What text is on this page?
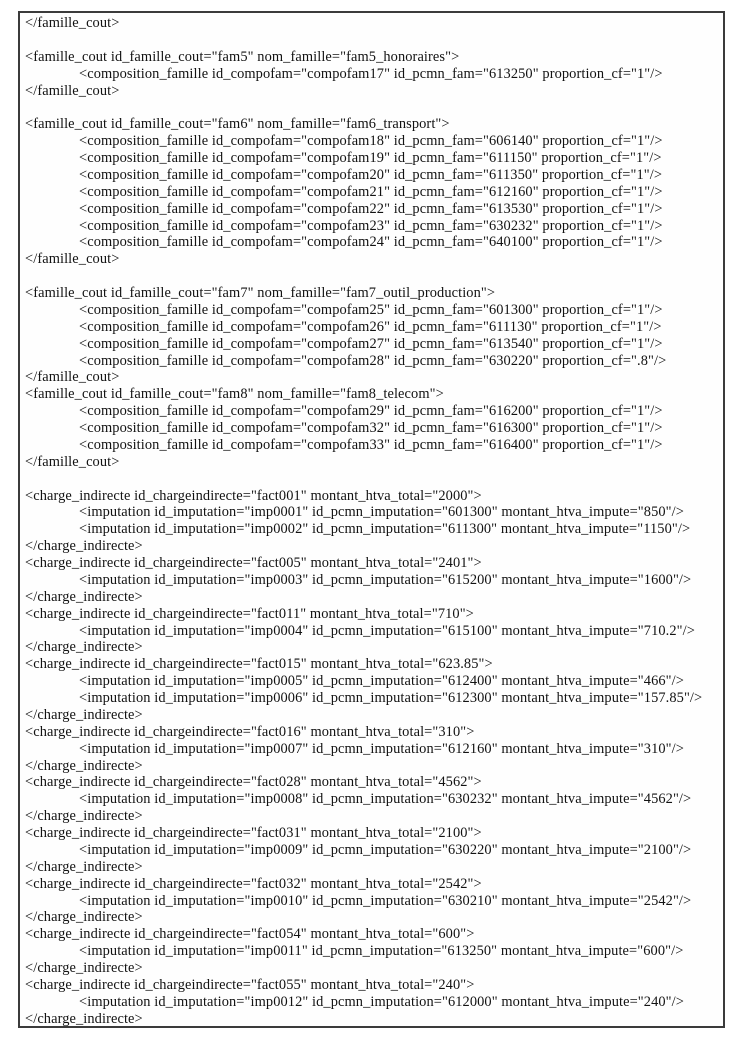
</famille_cout>

<famille_cout id_famille_cout="fam5" nom_famille="fam5_honoraires">
<composition_famille id_compofam="compofam17" id_pcmn_fam="613250" proportion_cf="1"/>
</famille_cout>

<famille_cout id_famille_cout="fam6" nom_famille="fam6_transport">
<composition_famille id_compofam="compofam18" id_pcmn_fam="606140" proportion_cf="1"/>
<composition_famille id_compofam="compofam19" id_pcmn_fam="611150" proportion_cf="1"/>
<composition_famille id_compofam="compofam20" id_pcmn_fam="611350" proportion_cf="1"/>
<composition_famille id_compofam="compofam21" id_pcmn_fam="612160" proportion_cf="1"/>
<composition_famille id_compofam="compofam22" id_pcmn_fam="613530" proportion_cf="1"/>
<composition_famille id_compofam="compofam23" id_pcmn_fam="630232" proportion_cf="1"/>
<composition_famille id_compofam="compofam24" id_pcmn_fam="640100" proportion_cf="1"/>
</famille_cout>

<famille_cout id_famille_cout="fam7" nom_famille="fam7_outil_production">
<composition_famille id_compofam="compofam25" id_pcmn_fam="601300" proportion_cf="1"/>
<composition_famille id_compofam="compofam26" id_pcmn_fam="611130" proportion_cf="1"/>
<composition_famille id_compofam="compofam27" id_pcmn_fam="613540" proportion_cf="1"/>
<composition_famille id_compofam="compofam28" id_pcmn_fam="630220" proportion_cf=".8"/>
</famille_cout>
<famille_cout id_famille_cout="fam8" nom_famille="fam8_telecom">
<composition_famille id_compofam="compofam29" id_pcmn_fam="616200" proportion_cf="1"/>
<composition_famille id_compofam="compofam32" id_pcmn_fam="616300" proportion_cf="1"/>
<composition_famille id_compofam="compofam33" id_pcmn_fam="616400" proportion_cf="1"/>
</famille_cout>

<charge_indirecte id_chargeindirecte="fact001" montant_htva_total="2000">
<imputation id_imputation="imp0001" id_pcmn_imputation="601300" montant_htva_impute="850"/>
<imputation id_imputation="imp0002" id_pcmn_imputation="611300" montant_htva_impute="1150"/>
</charge_indirecte>
<charge_indirecte id_chargeindirecte="fact005" montant_htva_total="2401">
<imputation id_imputation="imp0003" id_pcmn_imputation="615200" montant_htva_impute="1600"/>
</charge_indirecte>
<charge_indirecte id_chargeindirecte="fact011" montant_htva_total="710">
<imputation id_imputation="imp0004" id_pcmn_imputation="615100" montant_htva_impute="710.2"/>
</charge_indirecte>
<charge_indirecte id_chargeindirecte="fact015" montant_htva_total="623.85">
<imputation id_imputation="imp0005" id_pcmn_imputation="612400" montant_htva_impute="466"/>
<imputation id_imputation="imp0006" id_pcmn_imputation="612300" montant_htva_impute="157.85"/>
</charge_indirecte>
<charge_indirecte id_chargeindirecte="fact016" montant_htva_total="310">
<imputation id_imputation="imp0007" id_pcmn_imputation="612160" montant_htva_impute="310"/>
</charge_indirecte>
<charge_indirecte id_chargeindirecte="fact028" montant_htva_total="4562">
<imputation id_imputation="imp0008" id_pcmn_imputation="630232" montant_htva_impute="4562"/>
</charge_indirecte>
<charge_indirecte id_chargeindirecte="fact031" montant_htva_total="2100">
<imputation id_imputation="imp0009" id_pcmn_imputation="630220" montant_htva_impute="2100"/>
</charge_indirecte>
<charge_indirecte id_chargeindirecte="fact032" montant_htva_total="2542">
<imputation id_imputation="imp0010" id_pcmn_imputation="630210" montant_htva_impute="2542"/>
</charge_indirecte>
<charge_indirecte id_chargeindirecte="fact054" montant_htva_total="600">
<imputation id_imputation="imp0011" id_pcmn_imputation="613250" montant_htva_impute="600"/>
</charge_indirecte>
<charge_indirecte id_chargeindirecte="fact055" montant_htva_total="240">
<imputation id_imputation="imp0012" id_pcmn_imputation="612000" montant_htva_impute="240"/>
</charge_indirecte>
